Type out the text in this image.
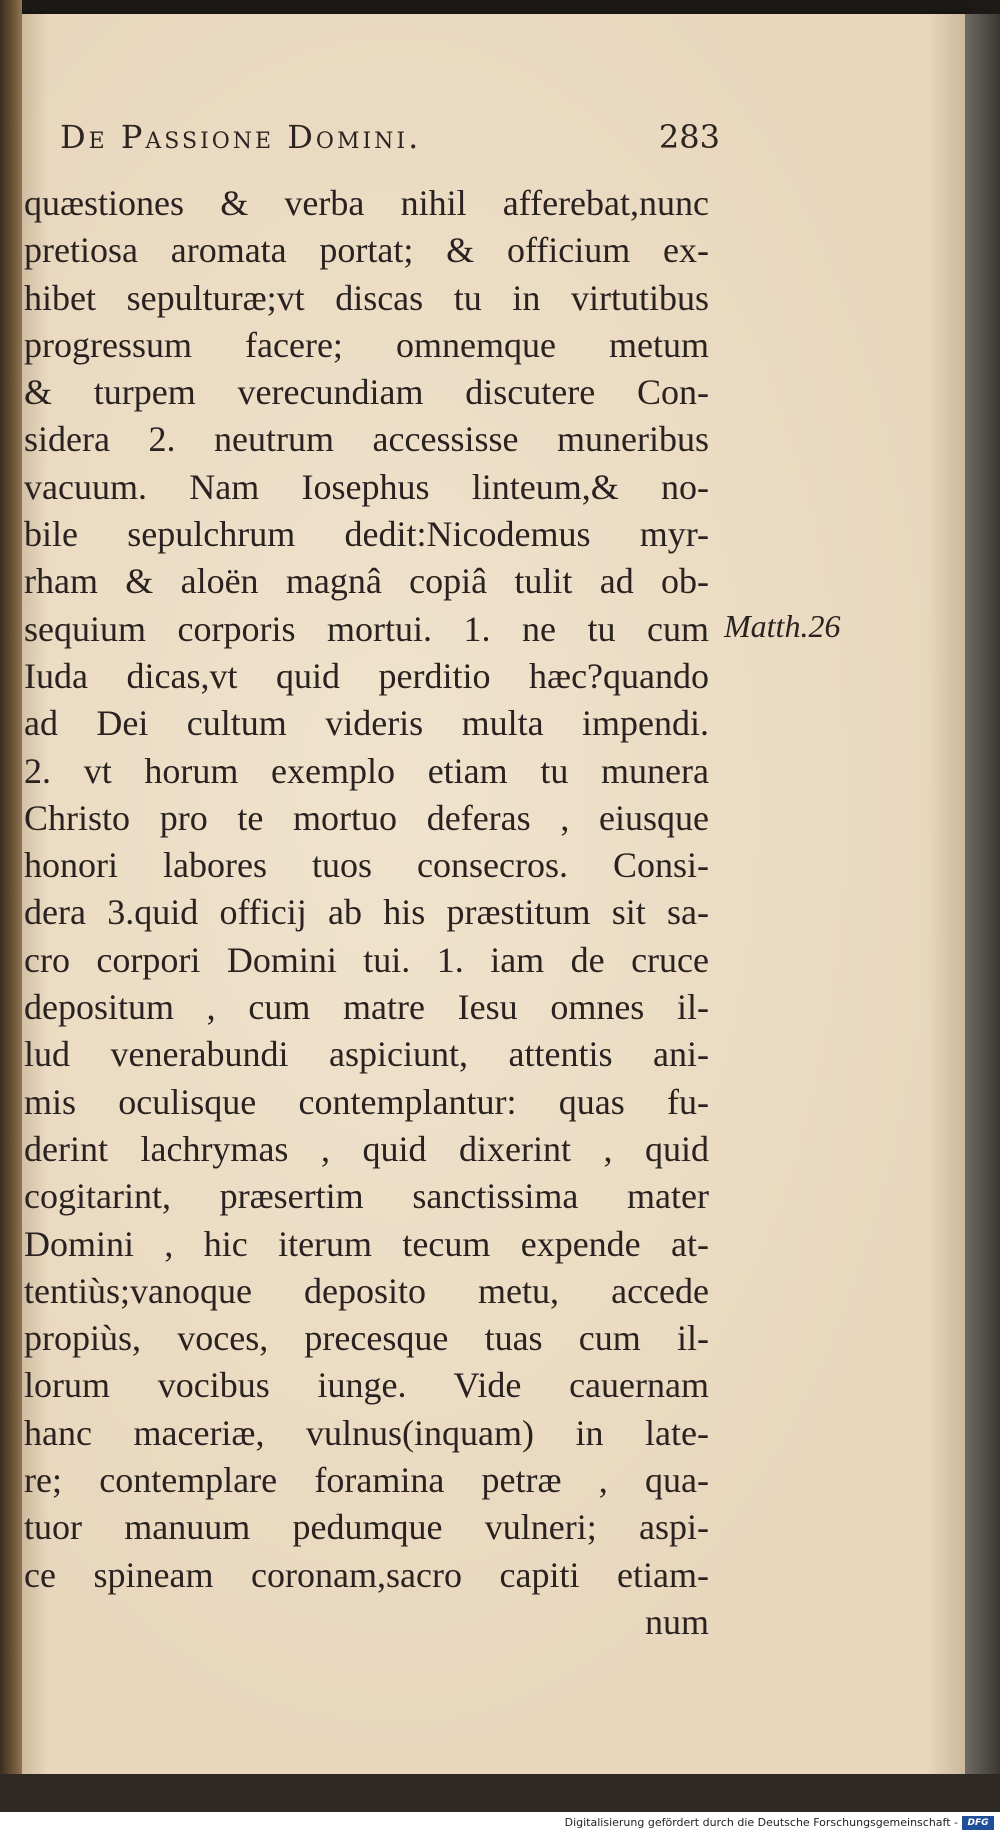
De Passione Domini.	283
quæstiones & verba nihil afferebat,nunc
pretiosa aromata portat; & officium ex-
hibet sepulturæ;vt discas tu in virtutibus
progressum facere; omnemque metum
& turpem verecundiam discutere Con-
sidera 2. neutrum accessisse muneribus
vacuum. Nam Iosephus linteum,& no-
bile sepulchrum dedit:Nicodemus myr-
rham & aloën magnâ copiâ tulit ad ob-
sequium corporis mortui. 1. ne tu cum
Iuda dicas,vt quid perditio hæc?quando
ad Dei cultum videris multa impendi.
2. vt horum exemplo etiam tu munera
Christo pro te mortuo deferas , eiusque
honori labores tuos consecros. Consi-
dera 3.quid officij ab his præstitum sit sa-
cro corpori Domini tui. 1. iam de cruce
depositum , cum matre Iesu omnes il-
lud venerabundi aspiciunt, attentis ani-
mis oculisque contemplantur: quas fu-
derint lachrymas , quid dixerint , quid
cogitarint, præsertim sanctissima mater
Domini , hic iterum tecum expende at-
tentiùs;vanoque deposito metu, accede
propiùs, voces, precesque tuas cum il-
lorum vocibus iunge. Vide cauernam
hanc maceriæ, vulnus(inquam) in late-
re; contemplare foramina petræ , qua-
tuor manuum pedumque vulneri; aspi-
ce spineam coronam,sacro capiti etiam-
num
Matth.26
Digitalisierung gefördert durch die Deutsche Forschungsgemeinschaft -	DFG
